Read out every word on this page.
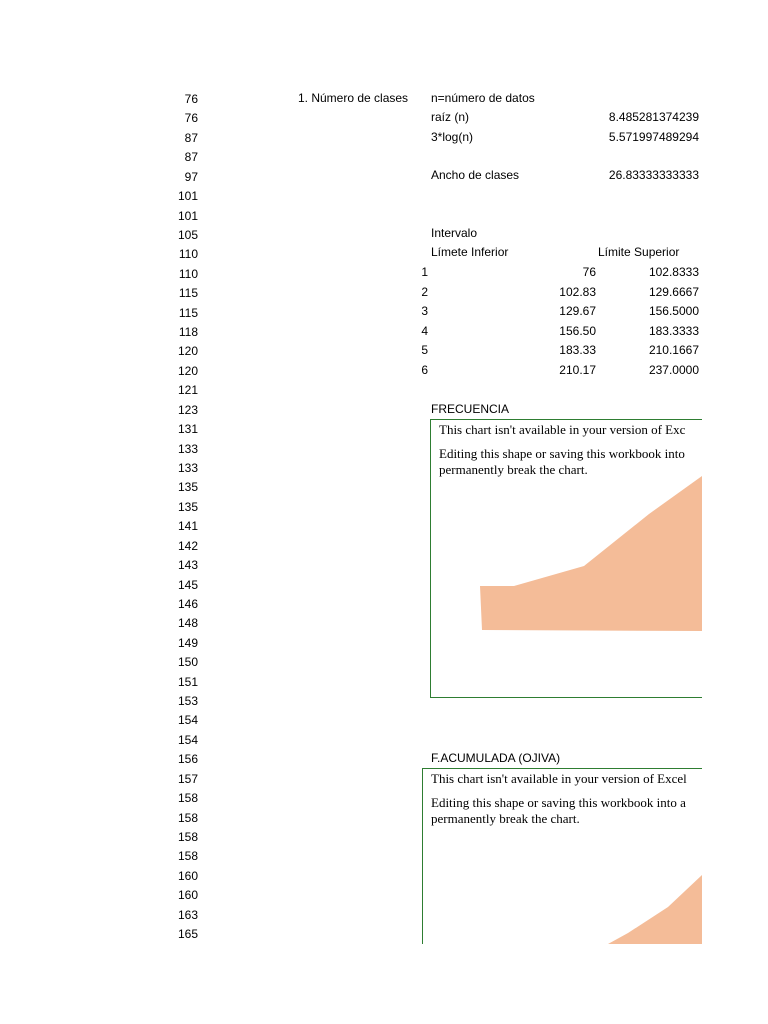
76
76
87
87
97
101
101
105
110
110
115
115
118
120
120
121
123
131
133
133
135
135
141
142
143
145
146
148
149
150
151
153
154
154
156
157
158
158
158
158
160
160
163
165
1. Número de clases n=número de datos
raíz (n)	8.485281374239
3*log(n)	5.571997489294
Ancho de clases	26.83333333333
Intervalo
Límete Inferior	Límite Superior
1	76	102.8333
2	102.83	129.6667
3	129.67	156.5000
4	156.50	183.3333
5	183.33	210.1667
6	210.17	237.0000
FRECUENCIA
This chart isn't available in your version of Exc
Editing this shape or saving this workbook into
permanently break the chart.
F.ACUMULADA (OJIVA)
This chart isn't available in your version of Excel
Editing this shape or saving this workbook into a
permanently break the chart.
